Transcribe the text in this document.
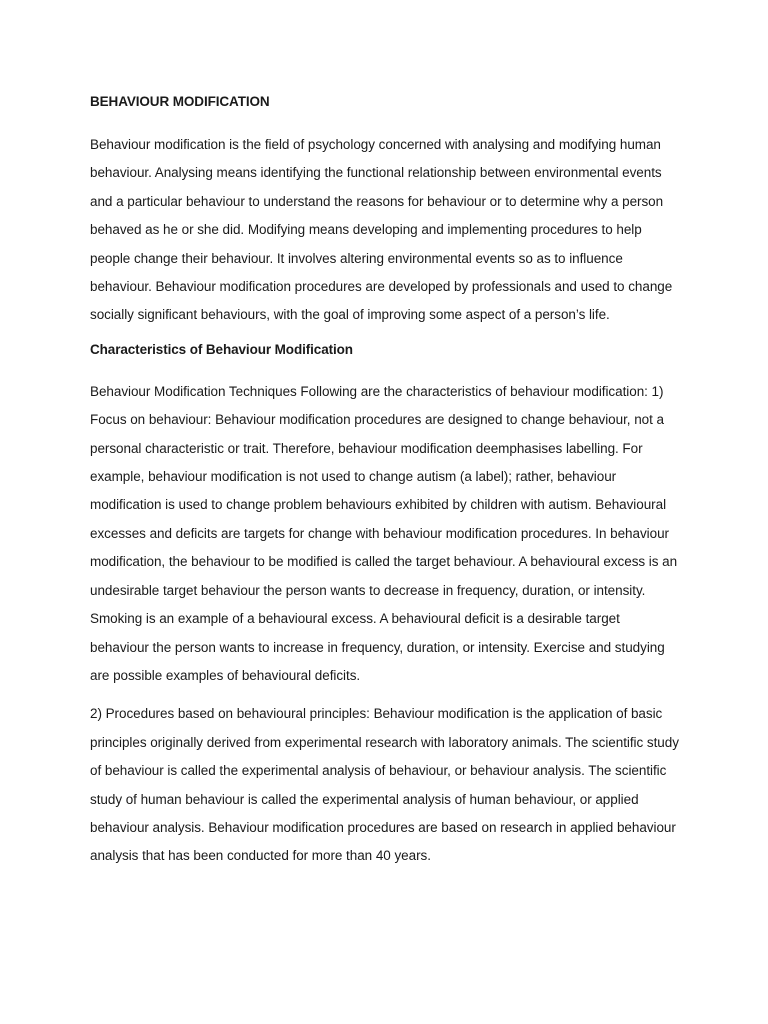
BEHAVIOUR MODIFICATION

Behaviour modification is the field of psychology concerned with analysing and modifying human behaviour. Analysing means identifying the functional relationship between environmental events and a particular behaviour to understand the reasons for behaviour or to determine why a person behaved as he or she did. Modifying means developing and implementing procedures to help people change their behaviour. It involves altering environmental events so as to influence behaviour. Behaviour modification procedures are developed by professionals and used to change socially significant behaviours, with the goal of improving some aspect of a person’s life.

Characteristics of Behaviour Modification

Behaviour Modification Techniques Following are the characteristics of behaviour modification: 1) Focus on behaviour: Behaviour modification procedures are designed to change behaviour, not a personal characteristic or trait. Therefore, behaviour modification deemphasises labelling. For example, behaviour modification is not used to change autism (a label); rather, behaviour modification is used to change problem behaviours exhibited by children with autism. Behavioural excesses and deficits are targets for change with behaviour modification procedures. In behaviour modification, the behaviour to be modified is called the target behaviour. A behavioural excess is an undesirable target behaviour the person wants to decrease in frequency, duration, or intensity. Smoking is an example of a behavioural excess. A behavioural deficit is a desirable target behaviour the person wants to increase in frequency, duration, or intensity. Exercise and studying are possible examples of behavioural deficits.

2) Procedures based on behavioural principles: Behaviour modification is the application of basic principles originally derived from experimental research with laboratory animals. The scientific study of behaviour is called the experimental analysis of behaviour, or behaviour analysis. The scientific study of human behaviour is called the experimental analysis of human behaviour, or applied behaviour analysis. Behaviour modification procedures are based on research in applied behaviour analysis that has been conducted for more than 40 years.
